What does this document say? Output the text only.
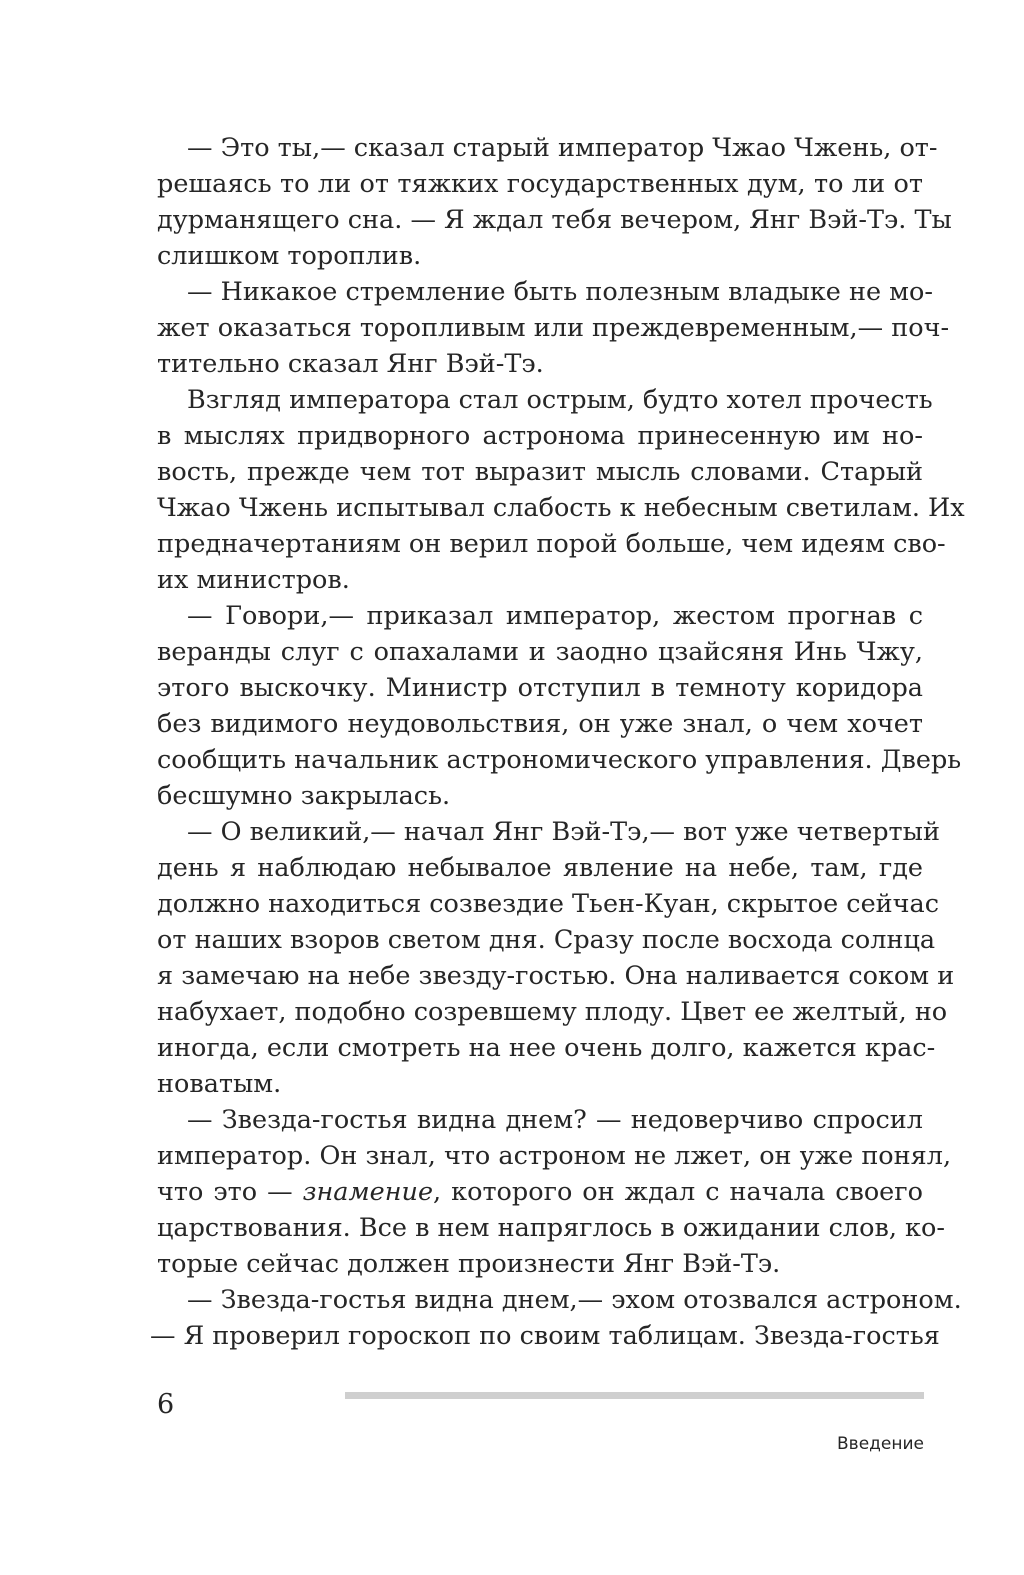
— Это ты,— сказал старый император Чжао Чжень, от-
решаясь то ли от тяжких государственных дум, то ли от
дурманящего сна. — Я ждал тебя вечером, Янг Вэй-Тэ. Ты
слишком тороплив.
— Никакое стремление быть полезным владыке не мо-
жет оказаться торопливым или преждевременным,— поч-
тительно сказал Янг Вэй-Тэ.
Взгляд императора стал острым, будто хотел прочесть
в мыслях придворного астронома принесенную им но-
вость, прежде чем тот выразит мысль словами. Старый
Чжао Чжень испытывал слабость к небесным светилам. Их
предначертаниям он верил порой больше, чем идеям сво-
их министров.
— Говори,— приказал император, жестом прогнав с
веранды слуг с опахалами и заодно цзайсяня Инь Чжу,
этого выскочку. Министр отступил в темноту коридора
без видимого неудовольствия, он уже знал, о чем хочет
сообщить начальник астрономического управления. Дверь
бесшумно закрылась.
— О великий,— начал Янг Вэй-Тэ,— вот уже четвертый
день я наблюдаю небывалое явление на небе, там, где
должно находиться созвездие Тьен-Куан, скрытое сейчас
от наших взоров светом дня. Сразу после восхода солнца
я замечаю на небе звезду-гостью. Она наливается соком и
набухает, подобно созревшему плоду. Цвет ее желтый, но
иногда, если смотреть на нее очень долго, кажется крас-
новатым.
— Звезда-гостья видна днем? — недоверчиво спросил
император. Он знал, что астроном не лжет, он уже понял,
что это — знамение, которого он ждал с начала своего
царствования. Все в нем напряглось в ожидании слов, ко-
торые сейчас должен произнести Янг Вэй-Тэ.
— Звезда-гостья видна днем,— эхом отозвался астроном.
— Я проверил гороскоп по своим таблицам. Звезда-гостья
6
Введение
